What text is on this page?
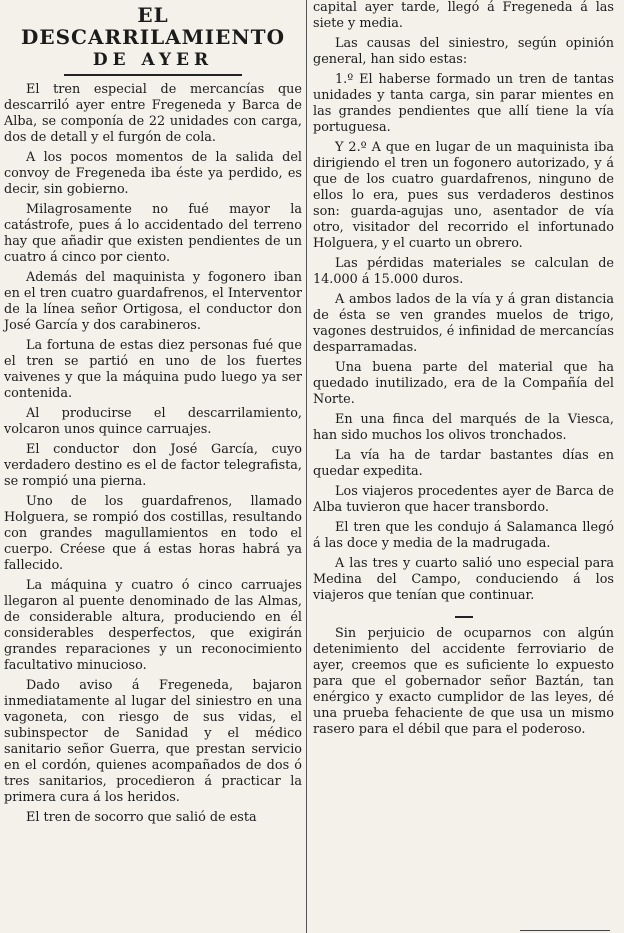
EL DESCARRILAMIENTO
DE AYER

El tren especial de mercancías que descarriló ayer entre Fregeneda y Barca de Alba, se componía de 22 unidades con carga, dos de detall y el furgón de cola.

A los pocos momentos de la salida del convoy de Fregeneda iba éste ya perdido, es decir, sin gobierno.

Milagrosamente no fué mayor la catástrofe, pues á lo accidentado del terreno hay que añadir que existen pendientes de un cuatro á cinco por ciento.

Además del maquinista y fogonero iban en el tren cuatro guardafrenos, el Interventor de la línea señor Ortigosa, el conductor don José García y dos carabineros.

La fortuna de estas diez personas fué que el tren se partió en uno de los fuertes vaivenes y que la máquina pudo luego ya ser contenida.

Al producirse el descarrilamiento, volcaron unos quince carruajes.

El conductor don José García, cuyo verdadero destino es el de factor telegrafista, se rompió una pierna.

Uno de los guardafrenos, llamado Holguera, se rompió dos costillas, resultando con grandes magullamientos en todo el cuerpo. Créese que á estas horas habrá ya fallecido.

La máquina y cuatro ó cinco carruajes llegaron al puente denominado de las Almas, de considerable altura, produciendo en él considerables desperfectos, que exigirán grandes reparaciones y un reconocimiento facultativo minucioso.

Dado aviso á Fregeneda, bajaron inmediatamente al lugar del siniestro en una vagoneta, con riesgo de sus vidas, el subinspector de Sanidad y el médico sanitario señor Guerra, que prestan servicio en el cordón, quienes acompañados de dos ó tres sanitarios, procedieron á practicar la primera cura á los heridos.

El tren de socorro que salió de esta

capital ayer tarde, llegó á Fregeneda á las siete y media.

Las causas del siniestro, según opinión general, han sido estas:

1.º El haberse formado un tren de tantas unidades y tanta carga, sin parar mientes en las grandes pendientes que allí tiene la vía portuguesa.

Y 2.º A que en lugar de un maquinista iba dirigiendo el tren un fogonero autorizado, y á que de los cuatro guardafrenos, ninguno de ellos lo era, pues sus verdaderos destinos son: guarda-agujas uno, asentador de vía otro, visitador del recorrido el infortunado Holguera, y el cuarto un obrero.

Las pérdidas materiales se calculan de 14.000 á 15.000 duros.

A ambos lados de la vía y á gran distancia de ésta se ven grandes muelos de trigo, vagones destruidos, é infinidad de mercancías desparramadas.

Una buena parte del material que ha quedado inutilizado, era de la Compañía del Norte.

En una finca del marqués de la Viesca, han sido muchos los olivos tronchados.

La vía ha de tardar bastantes días en quedar expedita.

Los viajeros procedentes ayer de Barca de Alba tuvieron que hacer transbordo.

El tren que les condujo á Salamanca llegó á las doce y media de la madrugada.

A las tres y cuarto salió uno especial para Medina del Campo, conduciendo á los viajeros que tenían que continuar.

Sin perjuicio de ocuparnos con algún detenimiento del accidente ferroviario de ayer, creemos que es suficiente lo expuesto para que el gobernador señor Baztán, tan enérgico y exacto cumplidor de las leyes, dé una prueba fehaciente de que usa un mismo rasero para el débil que para el poderoso.
